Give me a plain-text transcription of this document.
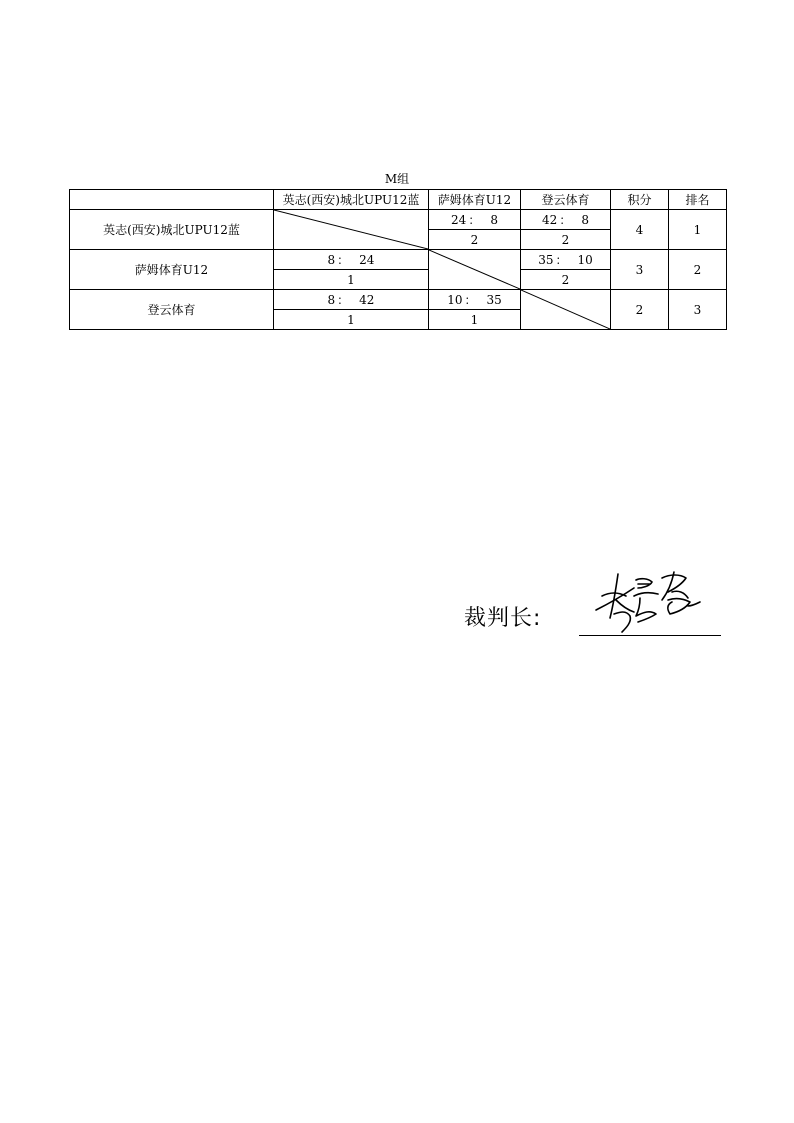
M组
	英志(西安)城北UPU12蓝	萨姆体育U12	登云体育	积分	排名
英志(西安)城北UPU12蓝		24 ： 8	42 ： 8	4	1
		2	2		
萨姆体育U12	8 ： 24		35 ： 10	3	2
	1		2		
登云体育	8 ： 42	10 ： 35		2	3
	1	1			
裁判长:
